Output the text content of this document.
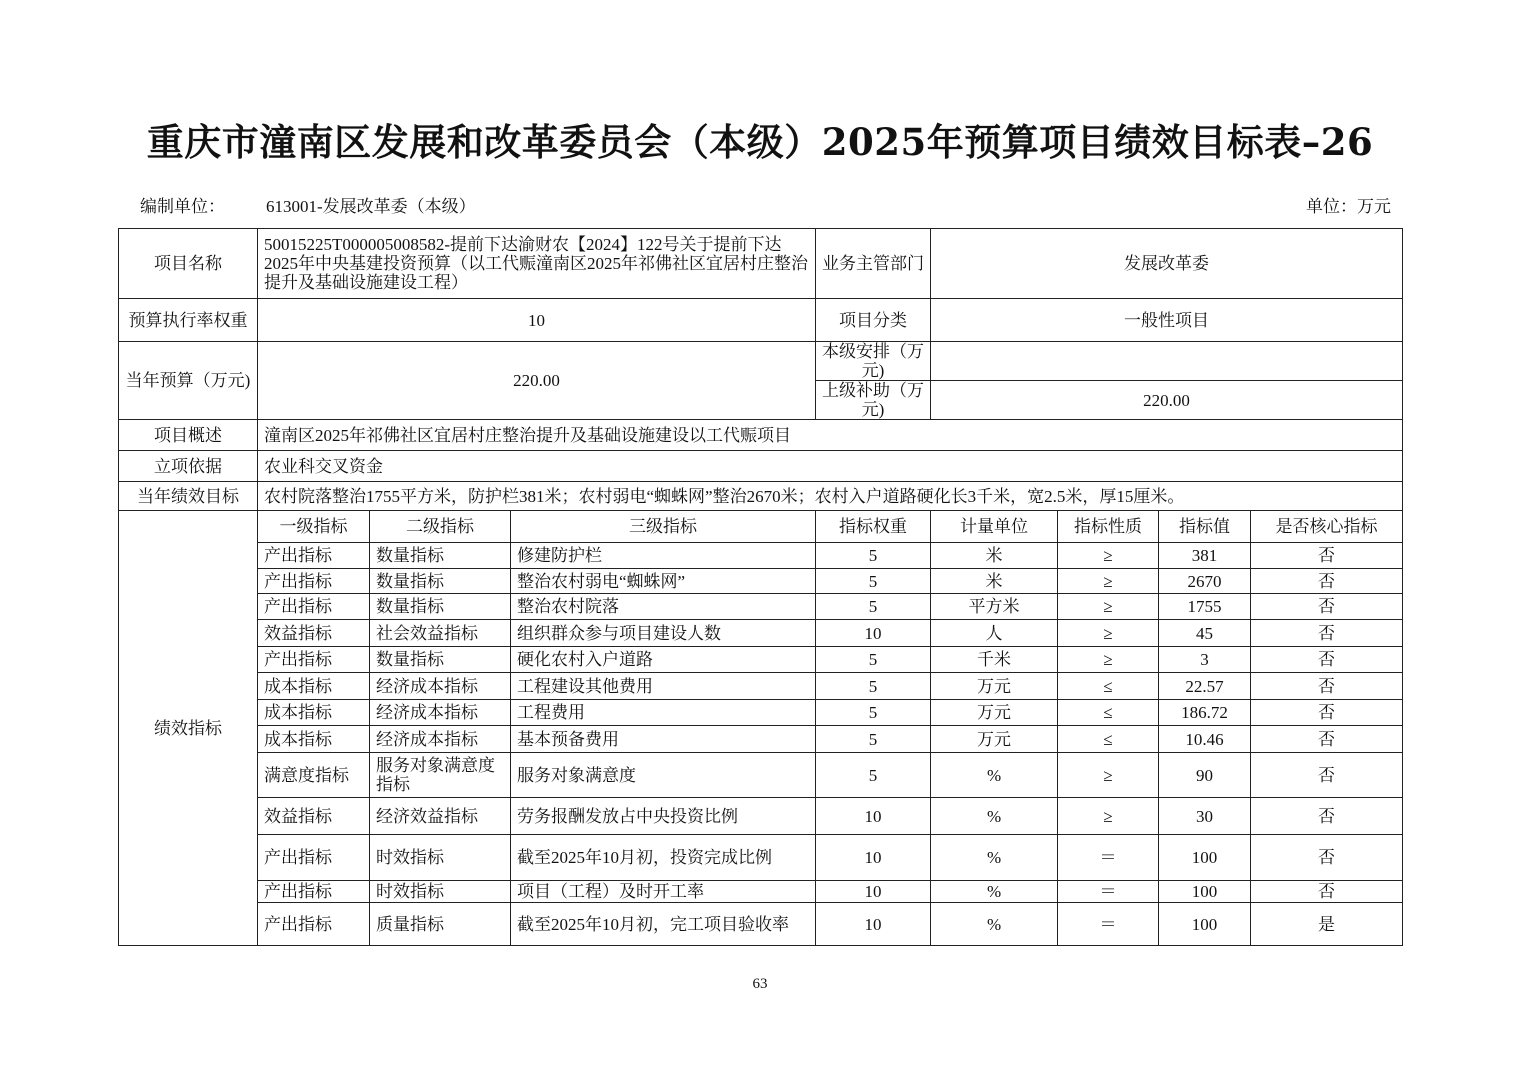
重庆市潼南区发展和改革委员会（本级）2025年预算项目绩效目标表–26
编制单位： 613001-发展改革委（本级）	单位：万元
项目名称	50015225T000005008582-提前下达渝财农【2024】122号关于提前下达2025年中央基建投资预算（以工代赈潼南区2025年祁佛社区宜居村庄整治提升及基础设施建设工程）			业务主管部门	发展改革委			
预算执行率权重	10			项目分类	一般性项目			
当年预算（万元)	220.00			本级安排（万元)				
				上级补助（万元)	220.00			
项目概述	潼南区2025年祁佛社区宜居村庄整治提升及基础设施建设以工代赈项目							
立项依据	农业科交叉资金							
当年绩效目标	农村院落整治1755平方米，防护栏381米；农村弱电“蜘蛛网”整治2670米；农村入户道路硬化长3千米，宽2.5米，厚15厘米。							
绩效指标	一级指标	二级指标	三级指标	指标权重	计量单位	指标性质	指标值	是否核心指标
	产出指标	数量指标	修建防护栏	5	米	≥	381	否
	产出指标	数量指标	整治农村弱电“蜘蛛网”	5	米	≥	2670	否
	产出指标	数量指标	整治农村院落	5	平方米	≥	1755	否
	效益指标	社会效益指标	组织群众参与项目建设人数	10	人	≥	45	否
	产出指标	数量指标	硬化农村入户道路	5	千米	≥	3	否
	成本指标	经济成本指标	工程建设其他费用	5	万元	≤	22.57	否
	成本指标	经济成本指标	工程费用	5	万元	≤	186.72	否
	成本指标	经济成本指标	基本预备费用	5	万元	≤	10.46	否
	满意度指标	服务对象满意度指标	服务对象满意度	5	%	≥	90	否
	效益指标	经济效益指标	劳务报酬发放占中央投资比例	10	%	≥	30	否
	产出指标	时效指标	截至2025年10月初，投资完成比例	10	%	＝	100	否
	产出指标	时效指标	项目（工程）及时开工率	10	%	＝	100	否
	产出指标	质量指标	截至2025年10月初，完工项目验收率	10	%	＝	100	是
63
